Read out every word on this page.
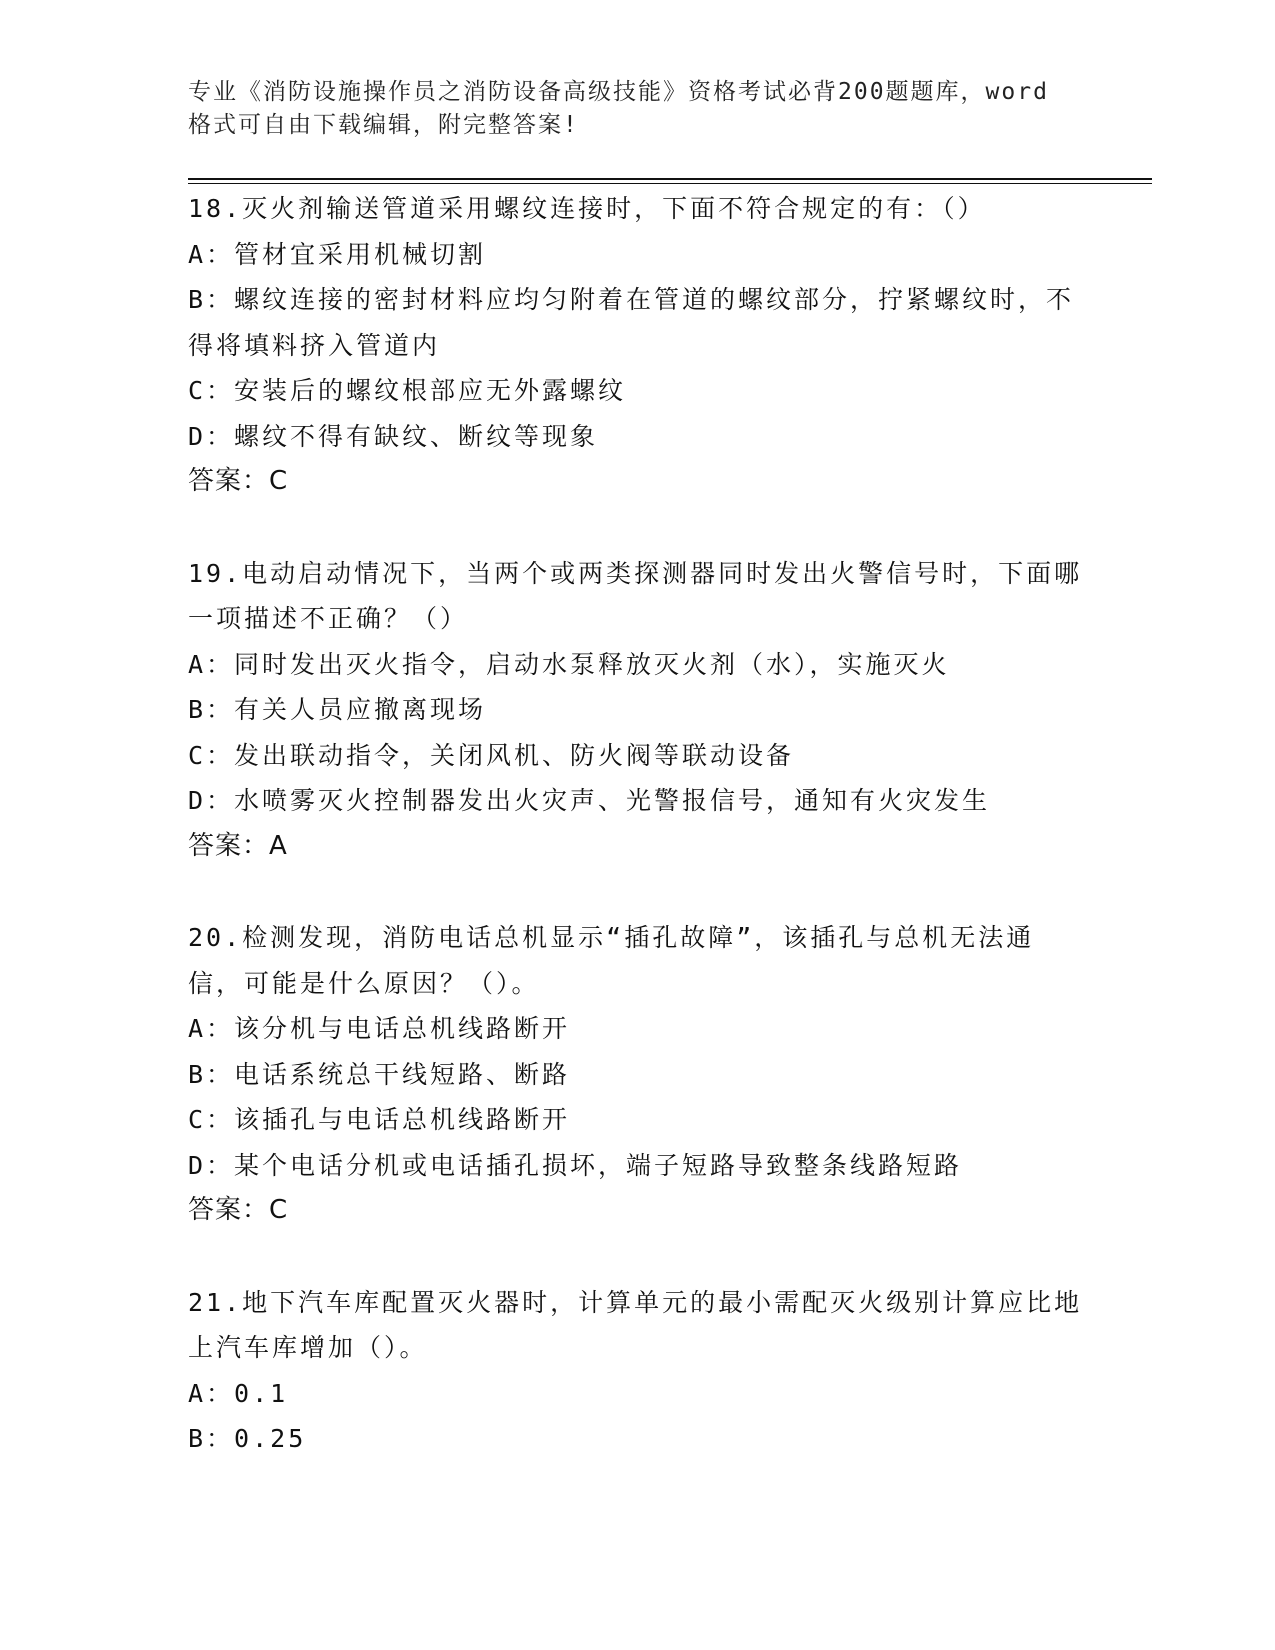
专业《消防设施操作员之消防设备高级技能》资格考试必背200题题库，word格式可自由下载编辑，附完整答案!

18.灭火剂输送管道采用螺纹连接时，下面不符合规定的有：（）

A：管材宜采用机械切割

B：螺纹连接的密封材料应均匀附着在管道的螺纹部分，拧紧螺纹时，不得将填料挤入管道内

C：安装后的螺纹根部应无外露螺纹

D：螺纹不得有缺纹、断纹等现象

答案：C

19.电动启动情况下，当两个或两类探测器同时发出火警信号时，下面哪一项描述不正确？（）

A：同时发出灭火指令，启动水泵释放灭火剂（水），实施灭火

B：有关人员应撤离现场

C：发出联动指令，关闭风机、防火阀等联动设备

D：水喷雾灭火控制器发出火灾声、光警报信号，通知有火灾发生

答案：A

20.检测发现，消防电话总机显示“插孔故障”，该插孔与总机无法通信，可能是什么原因？（）。

A：该分机与电话总机线路断开

B：电话系统总干线短路、断路

C：该插孔与电话总机线路断开

D：某个电话分机或电话插孔损坏，端子短路导致整条线路短路

答案：C

21.地下汽车库配置灭火器时，计算单元的最小需配灭火级别计算应比地上汽车库增加（）。

A：0.1

B：0.25
